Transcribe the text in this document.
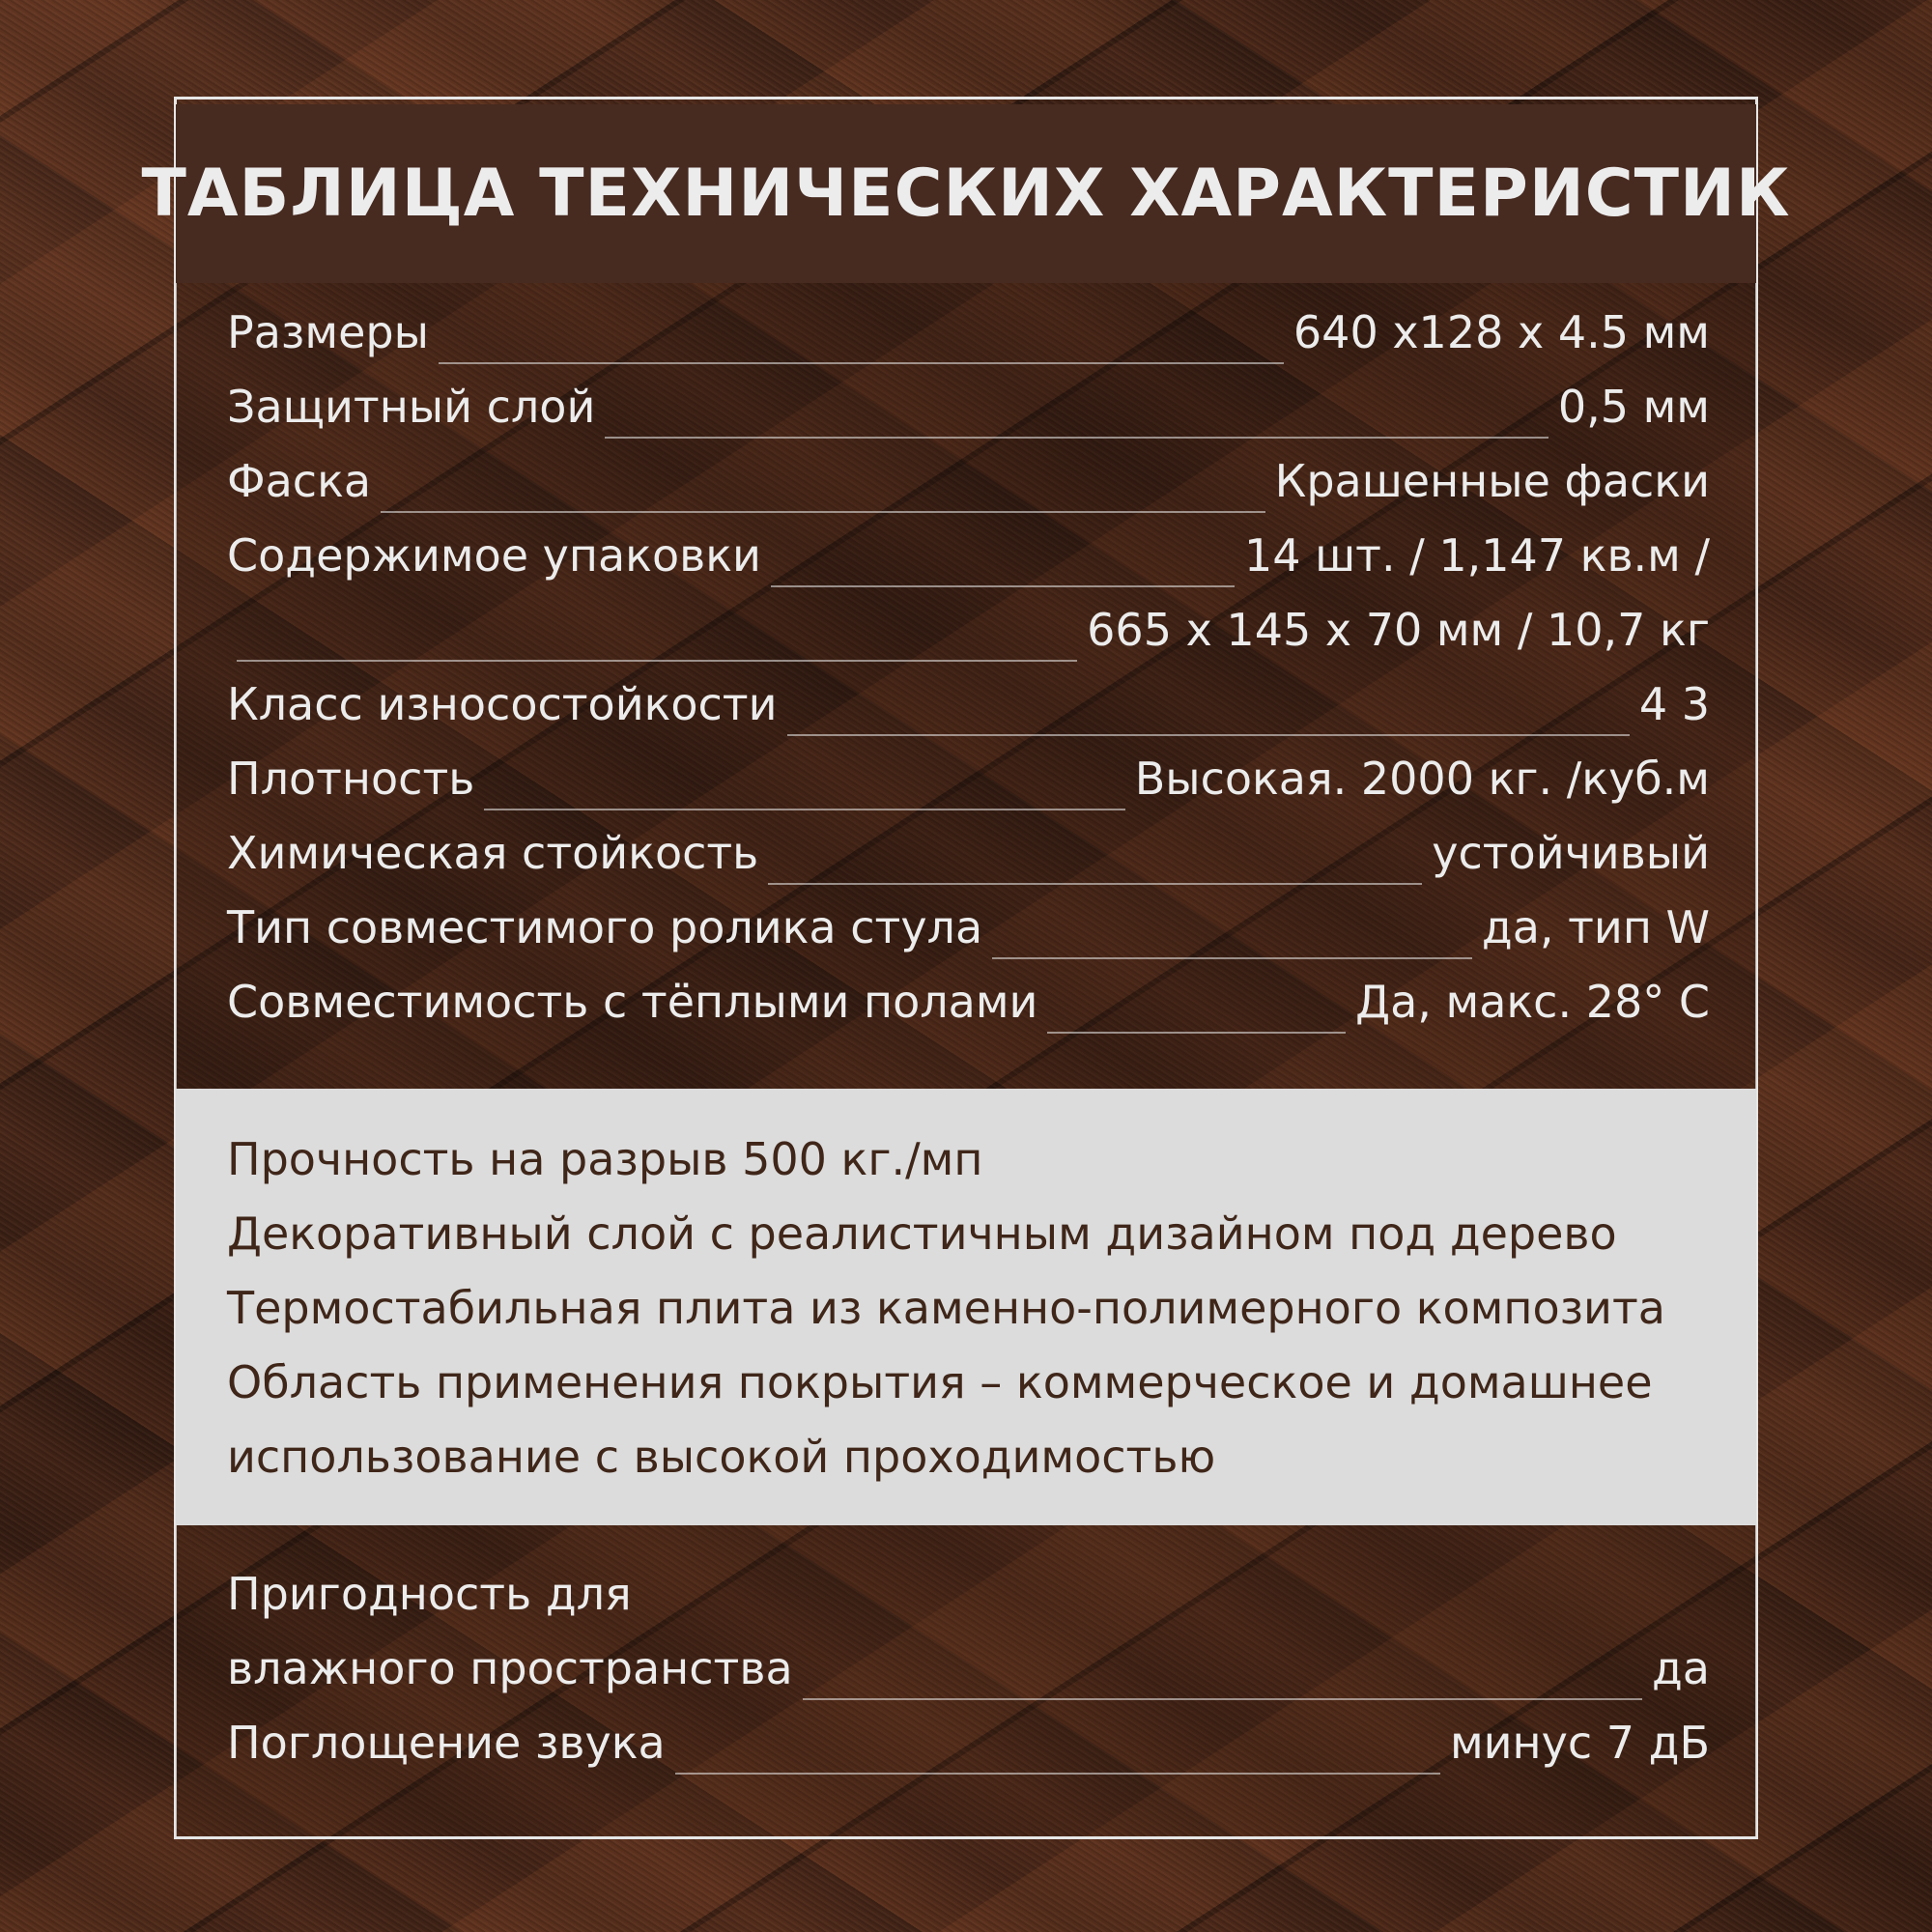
ТАБЛИЦА ТЕХНИЧЕСКИХ ХАРАКТЕРИСТИК
Размеры	640 x128 x 4.5 мм
Защитный слой	0,5 мм
Фаска	Крашенные фаски
Содержимое упаковки	14 шт. / 1,147 кв.м /
665 x 145 x 70 мм / 10,7 кг
Класс износостойкости	4 3
Плотность	Высокая. 2000 кг. /куб.м
Химическая стойкость	устойчивый
Тип совместимого ролика стула	да, тип W
Совместимость с тёплыми полами	Да, макс. 28° С
Прочность на разрыв 500 кг./мп
Декоративный слой с реалистичным дизайном под дерево
Термостабильная плита из каменно-полимерного композита
Область применения покрытия – коммерческое и домашнее
использование с высокой проходимостью
Пригодность для
влажного пространства	да
Поглощение звука	минус 7 дБ
